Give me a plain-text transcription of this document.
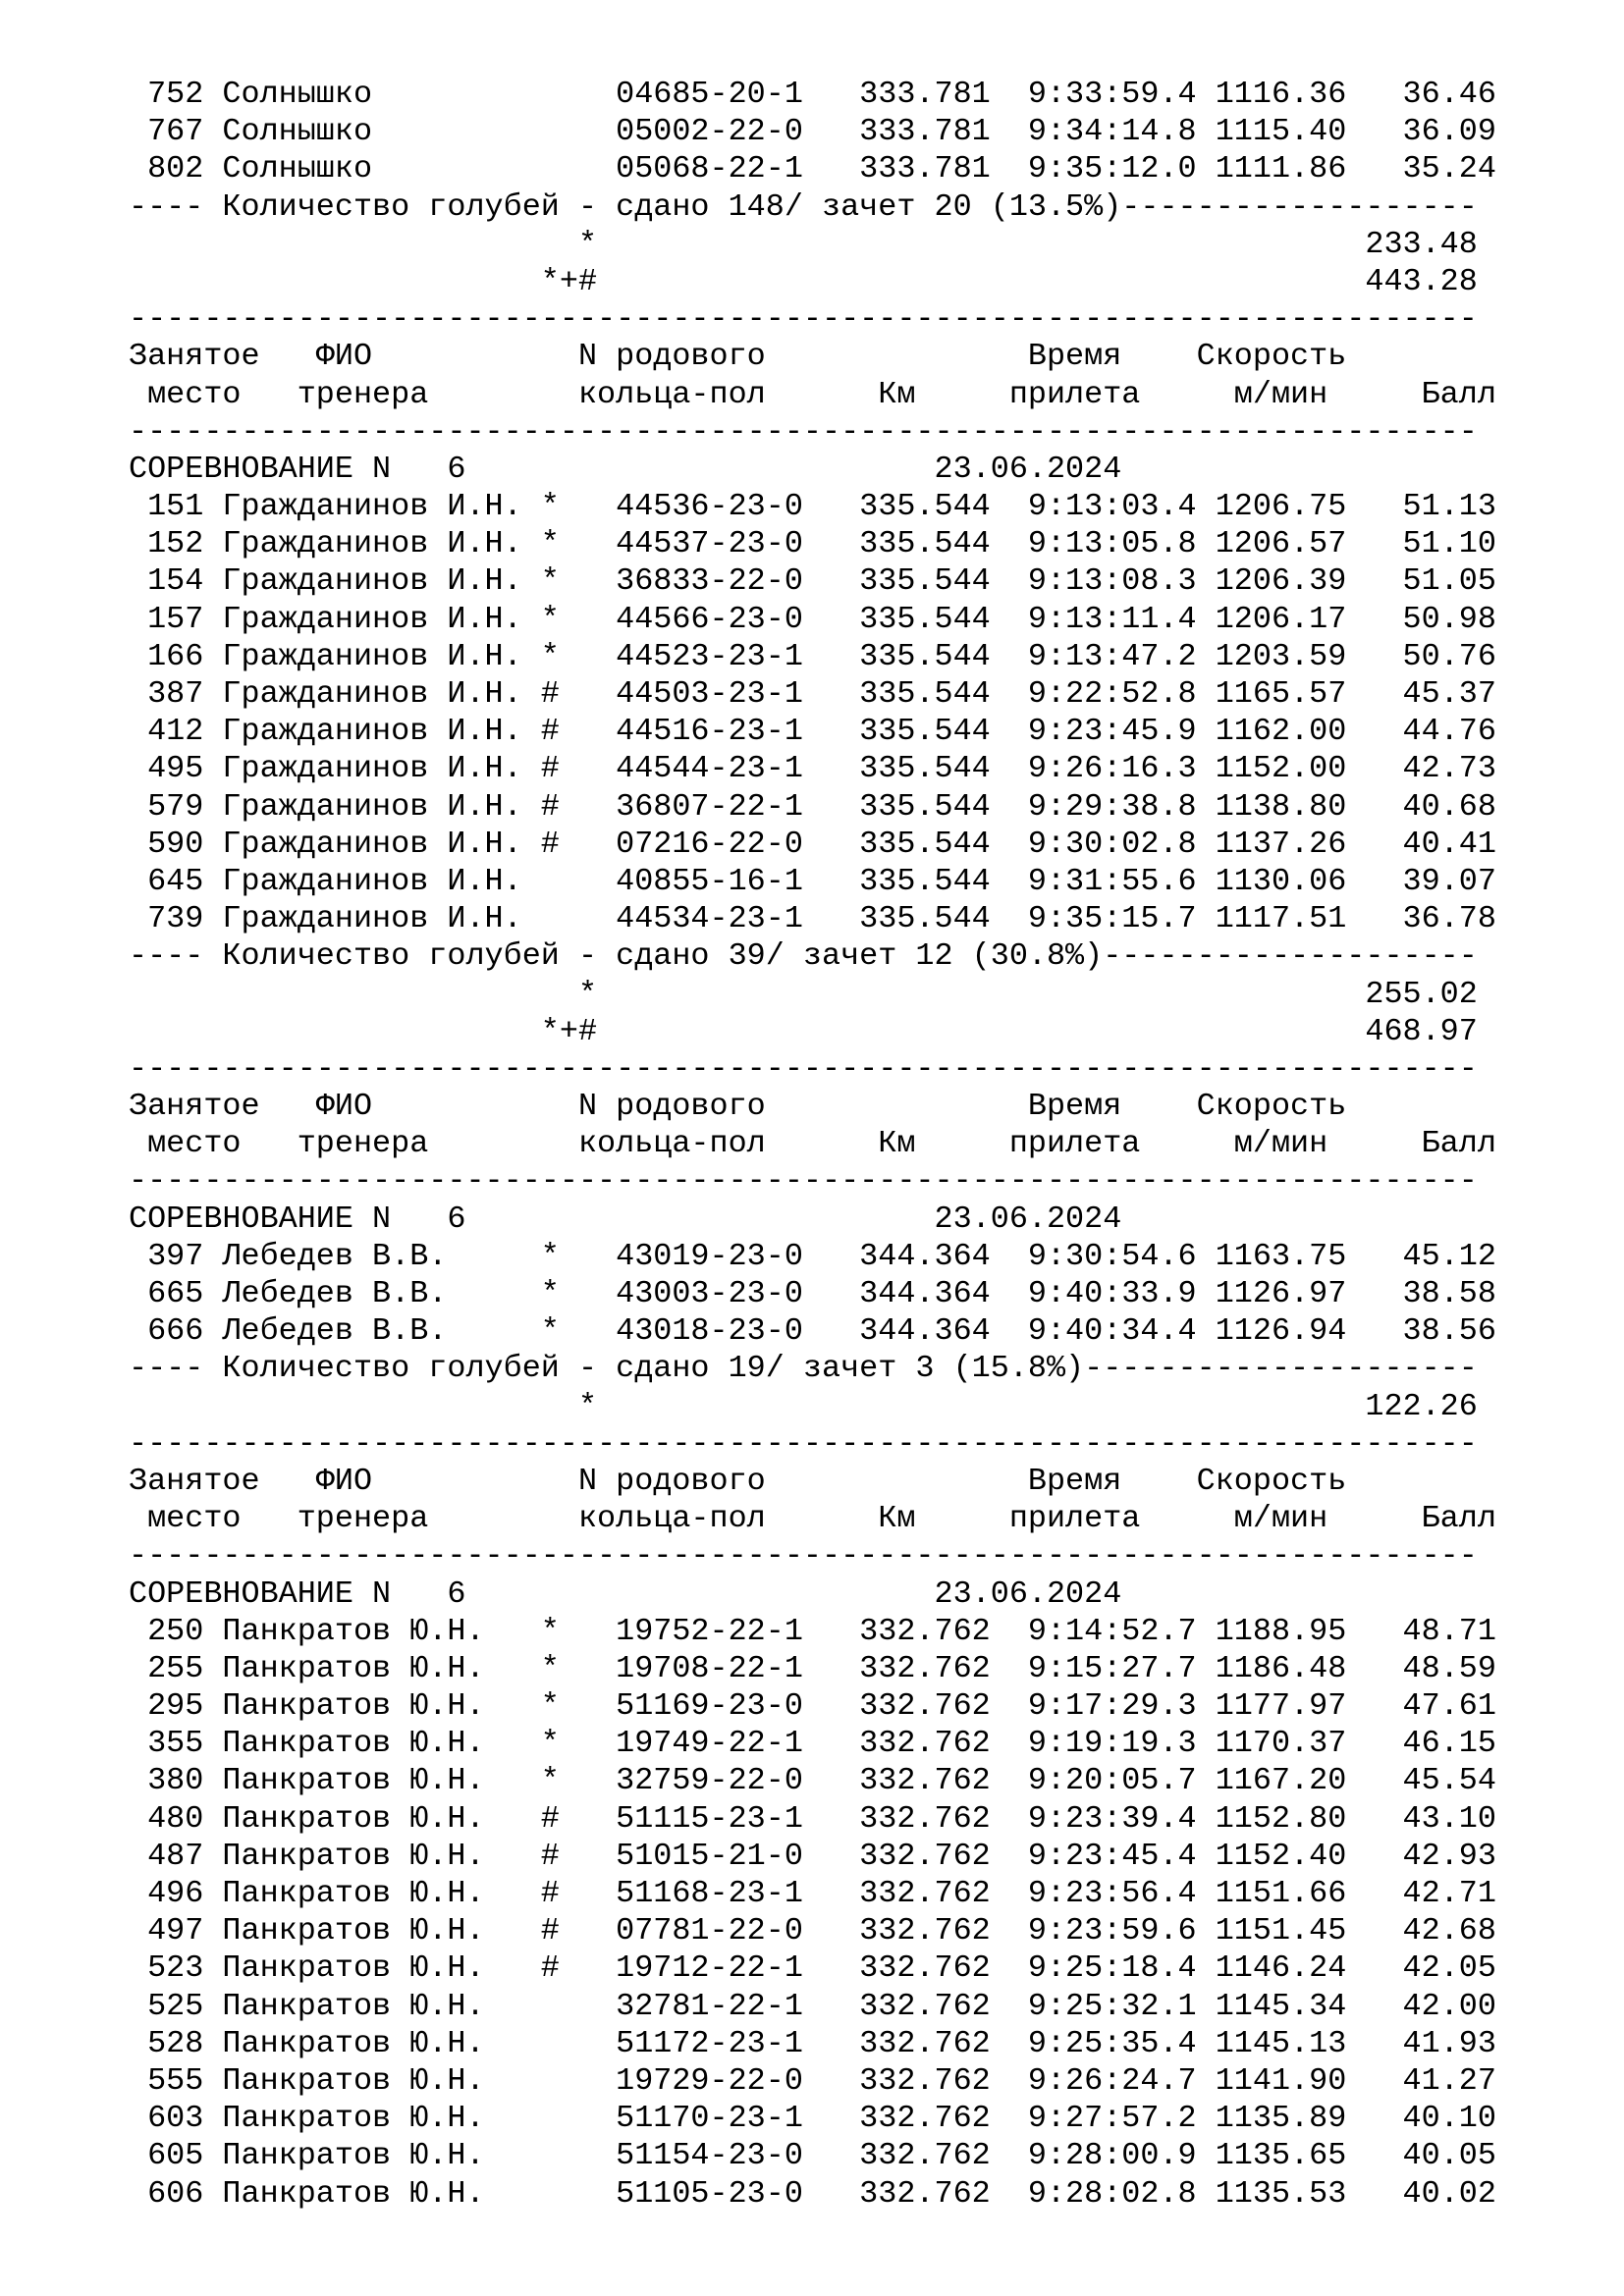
752 Солнышко             04685-20-1   333.781  9:33:59.4 1116.36   36.46
767 Солнышко             05002-22-0   333.781  9:34:14.8 1115.40   36.09
802 Солнышко             05068-22-1   333.781  9:35:12.0 1111.86   35.24
---- Количество голубей - сдано 148/ зачет 20 (13.5%)-------------------
*                                         233.48
*+#                                         443.28
------------------------------------------------------------------------
Занятое   ФИО           N родового              Время    Скорость
место   тренера        кольца-пол      Км     прилета     м/мин     Балл
------------------------------------------------------------------------
СОРЕВНОВАНИЕ N   6                         23.06.2024
151 Гражданинов И.Н. *   44536-23-0   335.544  9:13:03.4 1206.75   51.13
152 Гражданинов И.Н. *   44537-23-0   335.544  9:13:05.8 1206.57   51.10
154 Гражданинов И.Н. *   36833-22-0   335.544  9:13:08.3 1206.39   51.05
157 Гражданинов И.Н. *   44566-23-0   335.544  9:13:11.4 1206.17   50.98
166 Гражданинов И.Н. *   44523-23-1   335.544  9:13:47.2 1203.59   50.76
387 Гражданинов И.Н. #   44503-23-1   335.544  9:22:52.8 1165.57   45.37
412 Гражданинов И.Н. #   44516-23-1   335.544  9:23:45.9 1162.00   44.76
495 Гражданинов И.Н. #   44544-23-1   335.544  9:26:16.3 1152.00   42.73
579 Гражданинов И.Н. #   36807-22-1   335.544  9:29:38.8 1138.80   40.68
590 Гражданинов И.Н. #   07216-22-0   335.544  9:30:02.8 1137.26   40.41
645 Гражданинов И.Н.     40855-16-1   335.544  9:31:55.6 1130.06   39.07
739 Гражданинов И.Н.     44534-23-1   335.544  9:35:15.7 1117.51   36.78
---- Количество голубей - сдано 39/ зачет 12 (30.8%)--------------------
*                                         255.02
*+#                                         468.97
------------------------------------------------------------------------
Занятое   ФИО           N родового              Время    Скорость
место   тренера        кольца-пол      Км     прилета     м/мин     Балл
------------------------------------------------------------------------
СОРЕВНОВАНИЕ N   6                         23.06.2024
397 Лебедев В.В.     *   43019-23-0   344.364  9:30:54.6 1163.75   45.12
665 Лебедев В.В.     *   43003-23-0   344.364  9:40:33.9 1126.97   38.58
666 Лебедев В.В.     *   43018-23-0   344.364  9:40:34.4 1126.94   38.56
---- Количество голубей - сдано 19/ зачет 3 (15.8%)---------------------
*                                         122.26
------------------------------------------------------------------------
Занятое   ФИО           N родового              Время    Скорость
место   тренера        кольца-пол      Км     прилета     м/мин     Балл
------------------------------------------------------------------------
СОРЕВНОВАНИЕ N   6                         23.06.2024
250 Панкратов Ю.Н.   *   19752-22-1   332.762  9:14:52.7 1188.95   48.71
255 Панкратов Ю.Н.   *   19708-22-1   332.762  9:15:27.7 1186.48   48.59
295 Панкратов Ю.Н.   *   51169-23-0   332.762  9:17:29.3 1177.97   47.61
355 Панкратов Ю.Н.   *   19749-22-1   332.762  9:19:19.3 1170.37   46.15
380 Панкратов Ю.Н.   *   32759-22-0   332.762  9:20:05.7 1167.20   45.54
480 Панкратов Ю.Н.   #   51115-23-1   332.762  9:23:39.4 1152.80   43.10
487 Панкратов Ю.Н.   #   51015-21-0   332.762  9:23:45.4 1152.40   42.93
496 Панкратов Ю.Н.   #   51168-23-1   332.762  9:23:56.4 1151.66   42.71
497 Панкратов Ю.Н.   #   07781-22-0   332.762  9:23:59.6 1151.45   42.68
523 Панкратов Ю.Н.   #   19712-22-1   332.762  9:25:18.4 1146.24   42.05
525 Панкратов Ю.Н.       32781-22-1   332.762  9:25:32.1 1145.34   42.00
528 Панкратов Ю.Н.       51172-23-1   332.762  9:25:35.4 1145.13   41.93
555 Панкратов Ю.Н.       19729-22-0   332.762  9:26:24.7 1141.90   41.27
603 Панкратов Ю.Н.       51170-23-1   332.762  9:27:57.2 1135.89   40.10
605 Панкратов Ю.Н.       51154-23-0   332.762  9:28:00.9 1135.65   40.05
606 Панкратов Ю.Н.       51105-23-0   332.762  9:28:02.8 1135.53   40.02
